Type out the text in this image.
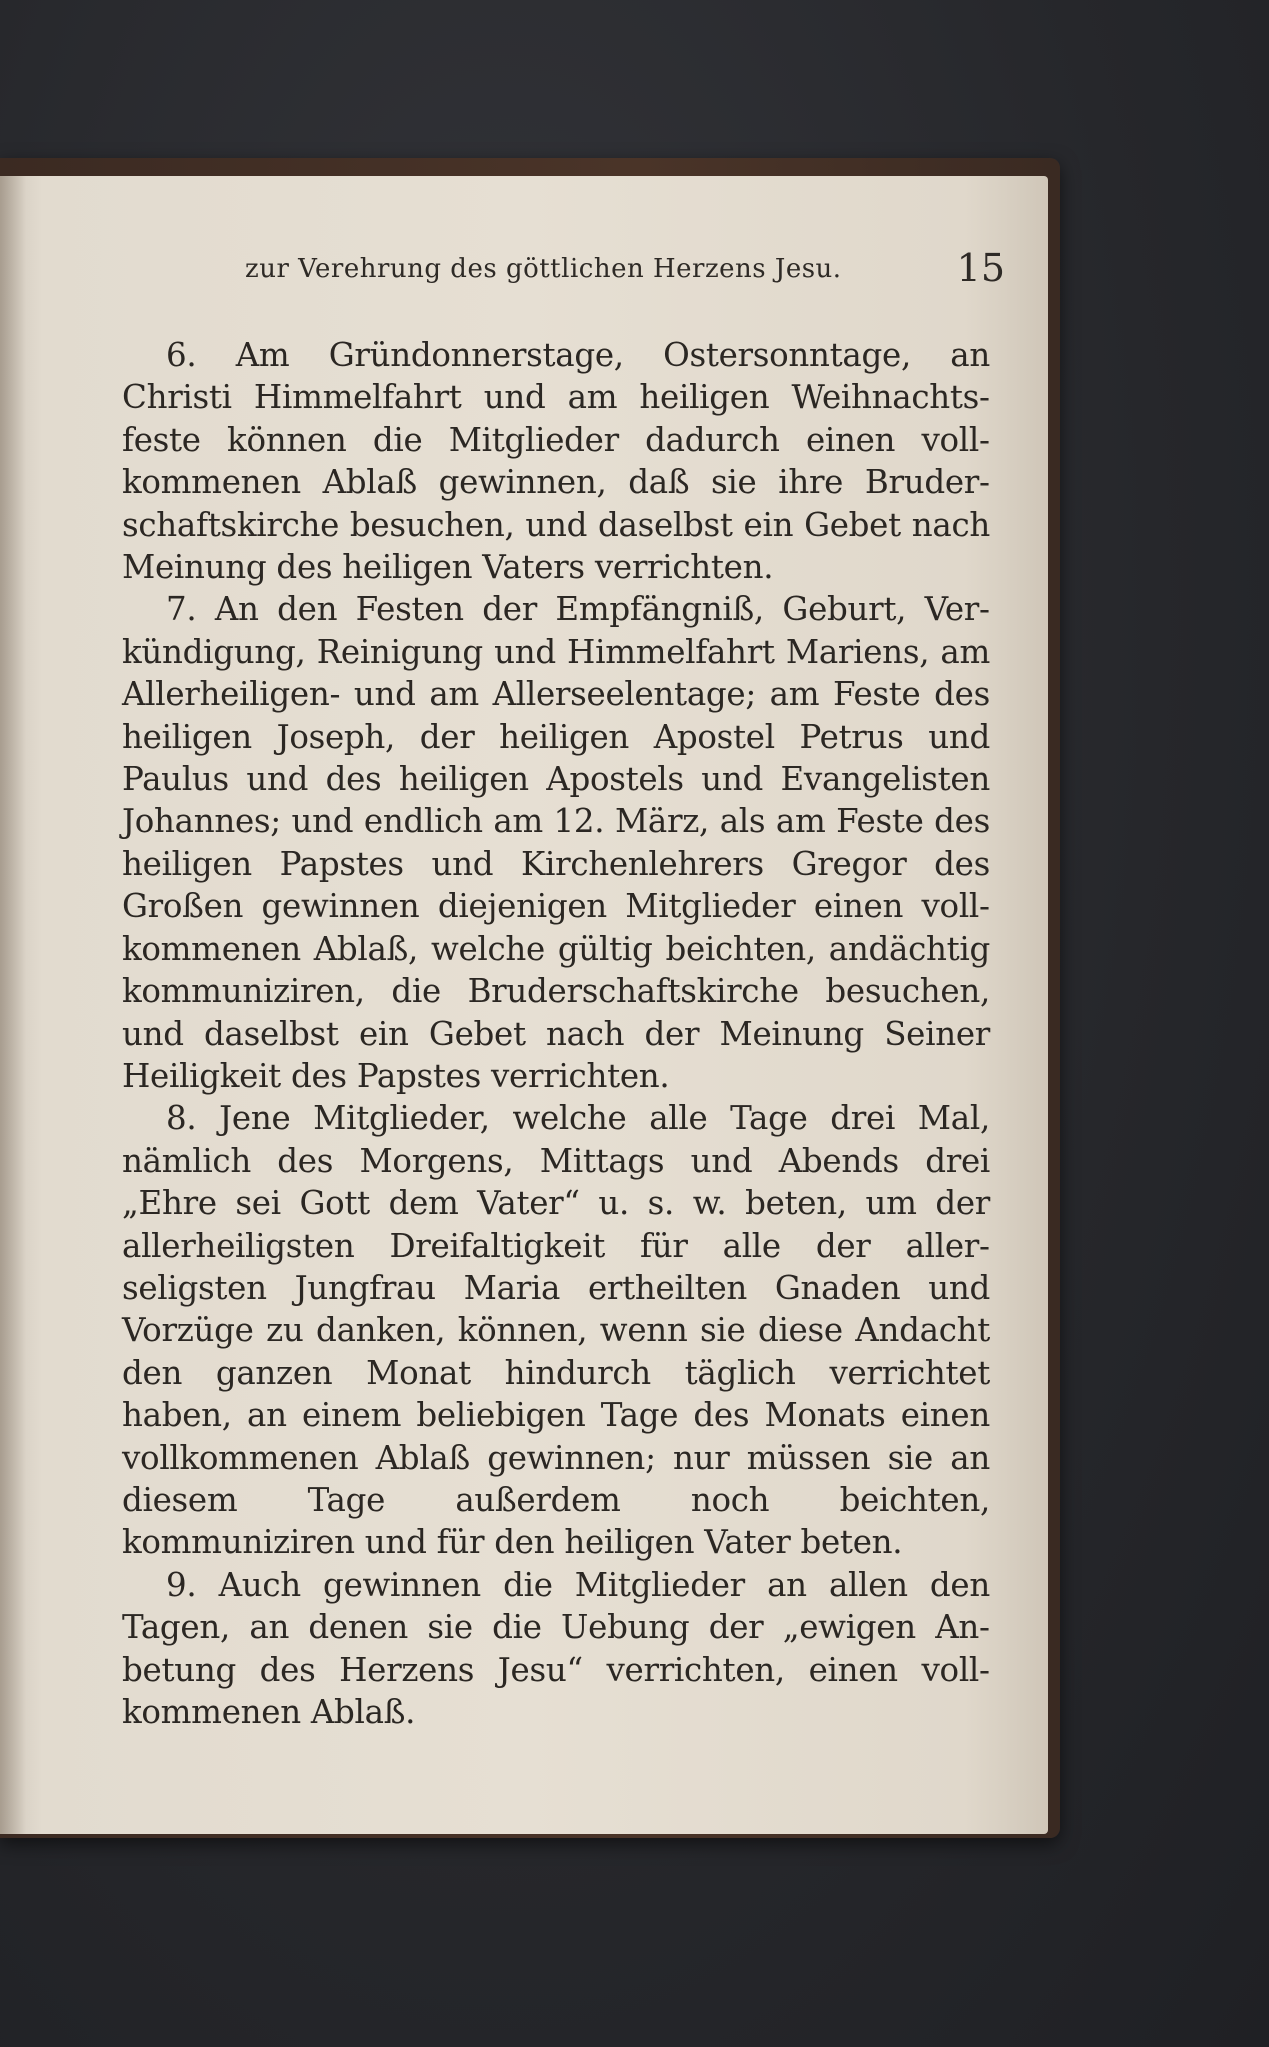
zur Verehrung des göttlichen Herzens Jesu.	15

6. Am Gründonnerstage, Ostersonntage, an Christi Himmelfahrt und am heiligen Weihnachtsfeste können die Mitglieder dadurch einen vollkommenen Ablaß gewinnen, daß sie ihre Bruderschaftskirche besuchen, und daselbst ein Gebet nach Meinung des heiligen Vaters verrichten.

7. An den Festen der Empfängniß, Geburt, Verkündigung, Reinigung und Himmelfahrt Mariens, am Allerheiligen- und am Allerseelentage; am Feste des heiligen Joseph, der heiligen Apostel Petrus und Paulus und des heiligen Apostels und Evangelisten Johannes; und endlich am 12. März, als am Feste des heiligen Papstes und Kirchenlehrers Gregor des Großen gewinnen diejenigen Mitglieder einen vollkommenen Ablaß, welche gültig beichten, andächtig kommuniziren, die Bruderschaftskirche besuchen, und daselbst ein Gebet nach der Meinung Seiner Heiligkeit des Papstes verrichten.

8. Jene Mitglieder, welche alle Tage drei Mal, nämlich des Morgens, Mittags und Abends drei „Ehre sei Gott dem Vater“ u. s. w. beten, um der allerheiligsten Dreifaltigkeit für alle der allerseligsten Jungfrau Maria ertheilten Gnaden und Vorzüge zu danken, können, wenn sie diese Andacht den ganzen Monat hindurch täglich verrichtet haben, an einem beliebigen Tage des Monats einen vollkommenen Ablaß gewinnen; nur müssen sie an diesem Tage außerdem noch beichten, kommuniziren und für den heiligen Vater beten.

9. Auch gewinnen die Mitglieder an allen den Tagen, an denen sie die Uebung der „ewigen Anbetung des Herzens Jesu“ verrichten, einen vollkommenen Ablaß.
